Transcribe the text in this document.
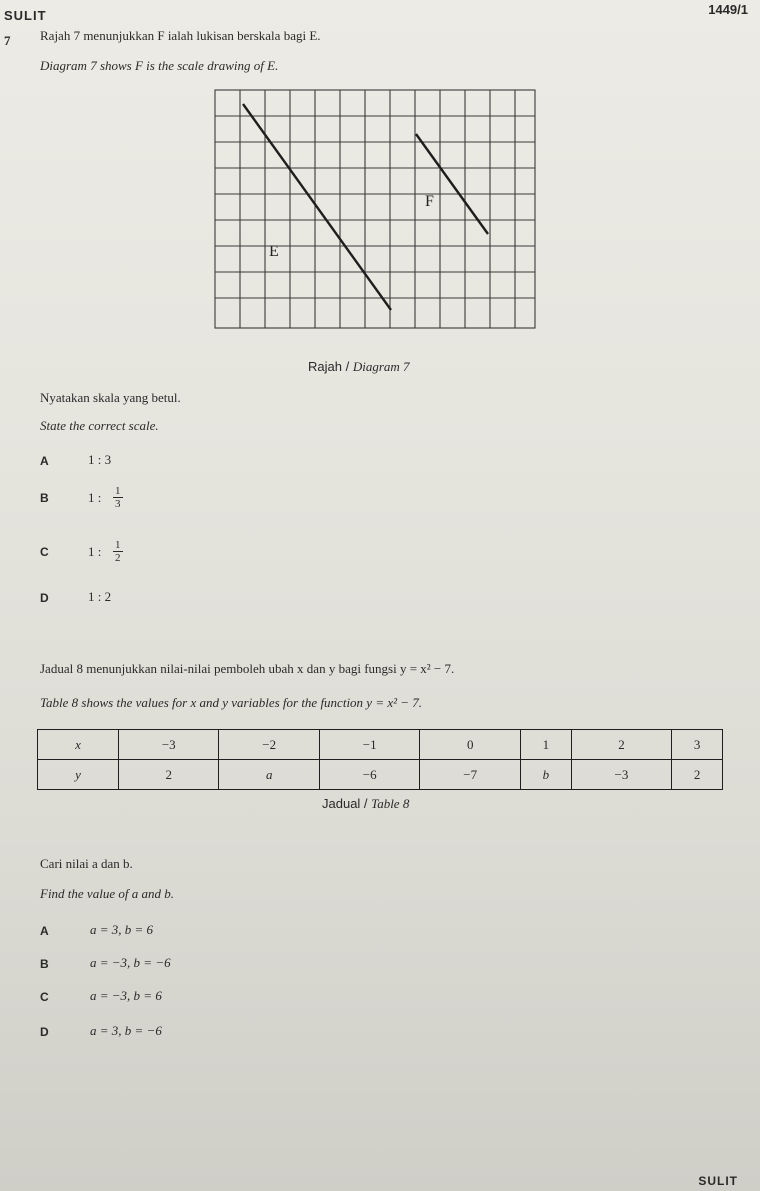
SULIT	1449/1
7 Rajah 7 menunjukkan F ialah lukisan berskala bagi E.
Diagram 7 shows F is the scale drawing of E.
E
F
Rajah / Diagram 7
Nyatakan skala yang betul.
State the correct scale.
A	1 : 3
B	1 : $\frac{1}{3}$
C	1 : $\frac{1}{2}$
D	1 : 2
Jadual 8 menunjukkan nilai-nilai pemboleh ubah x dan y bagi fungsi y = x² − 7.
Table 8 shows the values for x and y variables for the function y = x² − 7.
x	−3	−2	−1	0	1	2	3
y	2	a	−6	−7	b	−3	2
Jadual / Table 8
Cari nilai a dan b.
Find the value of a and b.
A	a = 3, b = 6
B	a = −3, b = −6
C	a = −3, b = 6
D	a = 3, b = −6
SULIT
